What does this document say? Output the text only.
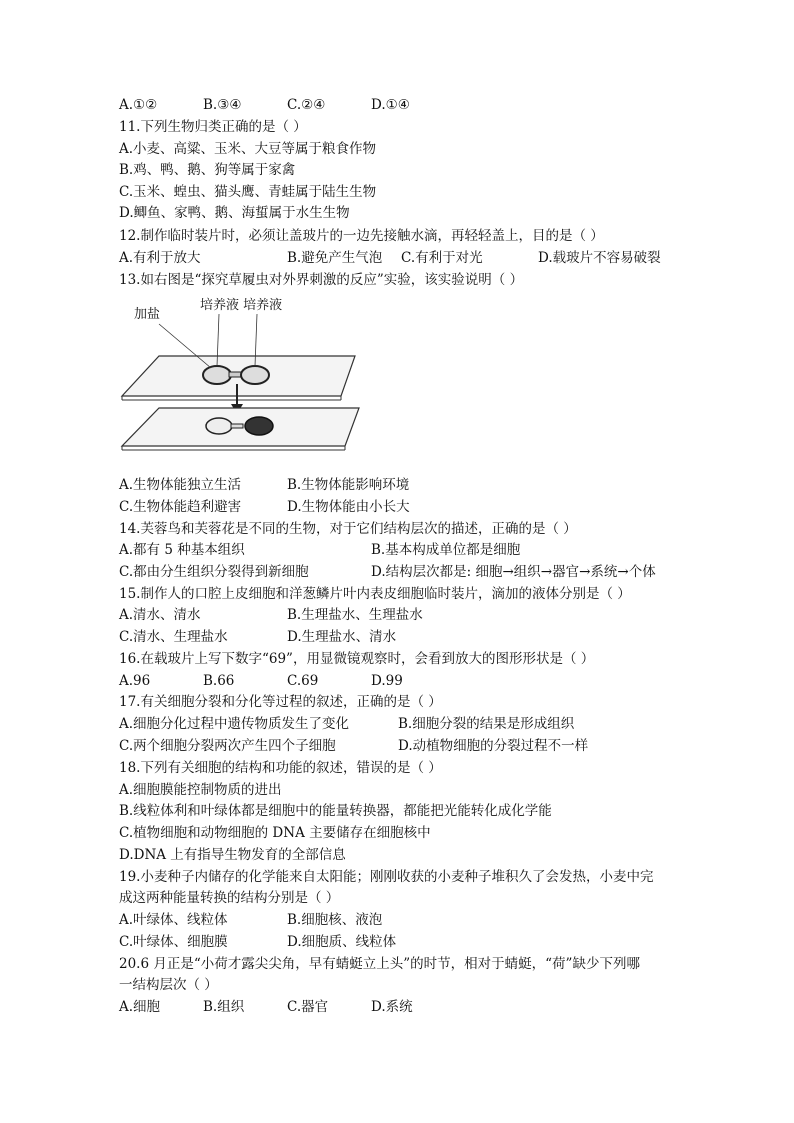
A.①②	B.③④	C.②④	D.①④
11.下列生物归类正确的是（ ）
A.小麦、高粱、玉米、大豆等属于粮食作物
B.鸡、鸭、鹅、狗等属于家禽
C.玉米、蝗虫、猫头鹰、青蛙属于陆生生物
D.鲫鱼、家鸭、鹅、海蜇属于水生生物
12.制作临时装片时，必须让盖玻片的一边先接触水滴，再轻轻盖上，目的是（ ）
A.有利于放大	B.避免产生气泡 C.有利于对光	D.载玻片不容易破裂
13.如右图是“探究草履虫对外界刺激的反应”实验，该实验说明（ ）
加盐
培养液 培养液
A.生物体能独立生活	B.生物体能影响环境
C.生物体能趋利避害	D.生物体能由小长大
14.芙蓉鸟和芙蓉花是不同的生物，对于它们结构层次的描述，正确的是（ ）
A.都有 5 种基本组织	B.基本构成单位都是细胞
C.都由分生组织分裂得到新细胞	D.结构层次都是: 细胞→组织→器官→系统→个体
15.制作人的口腔上皮细胞和洋葱鳞片叶内表皮细胞临时装片，滴加的液体分别是（ ）
A.清水、清水	B.生理盐水、生理盐水
C.清水、生理盐水	D.生理盐水、清水
16.在载玻片上写下数字“69”，用显微镜观察时，会看到放大的图形形状是（ ）
A.96	B.66	C.69	D.99
17.有关细胞分裂和分化等过程的叙述，正确的是（ ）
A.细胞分化过程中遗传物质发生了变化	B.细胞分裂的结果是形成组织
C.两个细胞分裂两次产生四个子细胞	D.动植物细胞的分裂过程不一样
18.下列有关细胞的结构和功能的叙述，错误的是（ ）
A.细胞膜能控制物质的进出
B.线粒体利和叶绿体都是细胞中的能量转换器，都能把光能转化成化学能
C.植物细胞和动物细胞的 DNA 主要储存在细胞核中
D.DNA 上有指导生物发育的全部信息
19.小麦种子内储存的化学能来自太阳能；刚刚收获的小麦种子堆积久了会发热，小麦中完
成这两种能量转换的结构分别是（ ）
A.叶绿体、线粒体	B.细胞核、液泡
C.叶绿体、细胞膜	D.细胞质、线粒体
20.6 月正是“小荷才露尖尖角，早有蜻蜓立上头”的时节，相对于蜻蜓，“荷”缺少下列哪
一结构层次（ ）
A.细胞	B.组织	C.器官	D.系统
